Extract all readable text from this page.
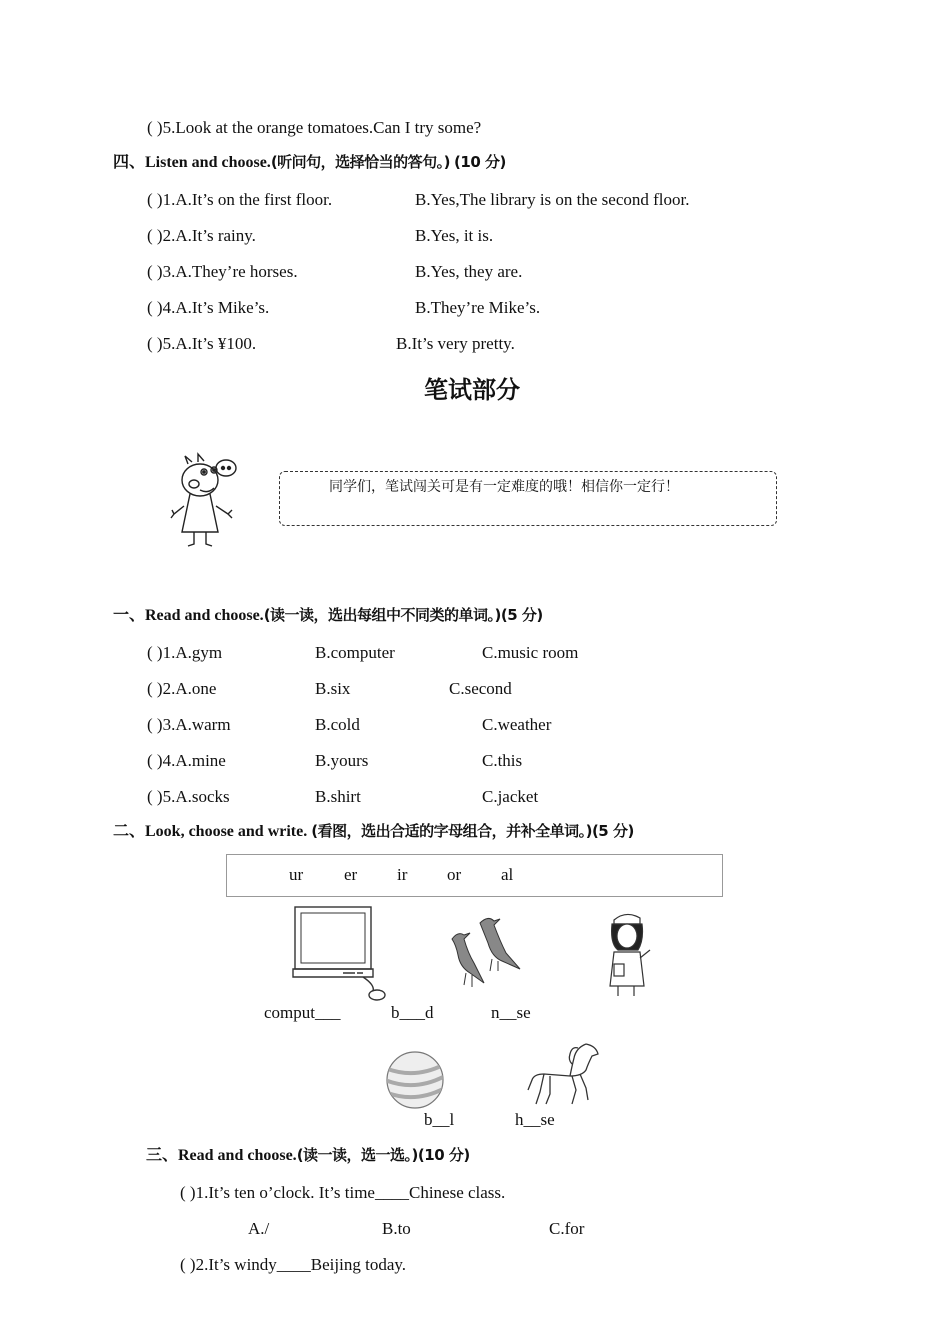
( )5.Look at the orange tomatoes.Can I try some?
四、Listen and choose.(听问句，选择恰当的答句。) (10 分)
( )1.A.It’s on the first floor.	B.Yes,The library is on the second floor.
( )2.A.It’s rainy.	B.Yes, it is.
( )3.A.They’re horses.	B.Yes, they are.
( )4.A.It’s Mike’s.	B.They’re Mike’s.
( )5.A.It’s ¥100.	B.It’s very pretty.
笔试部分
同学们，笔试闯关可是有一定难度的哦！相信你一定行！
一、Read and choose.(读一读，选出每组中不同类的单词。)(5 分)
( )1.A.gym	B.computer	C.music room
( )2.A.one	B.six	C.second
( )3.A.warm	B.cold	C.weather
( )4.A.mine	B.yours	C.this
( )5.A.socks	B.shirt	C.jacket
二、Look, choose and write. (看图，选出合适的字母组合，并补全单词。)(5 分)
ur er ir or al
comput___	b___d	n__se
b__l	h__se
三、Read and choose.(读一读，选一选。)(10 分)
( )1.It’s ten o’clock. It’s time____Chinese class.
A./	B.to	C.for
( )2.It’s windy____Beijing today.
